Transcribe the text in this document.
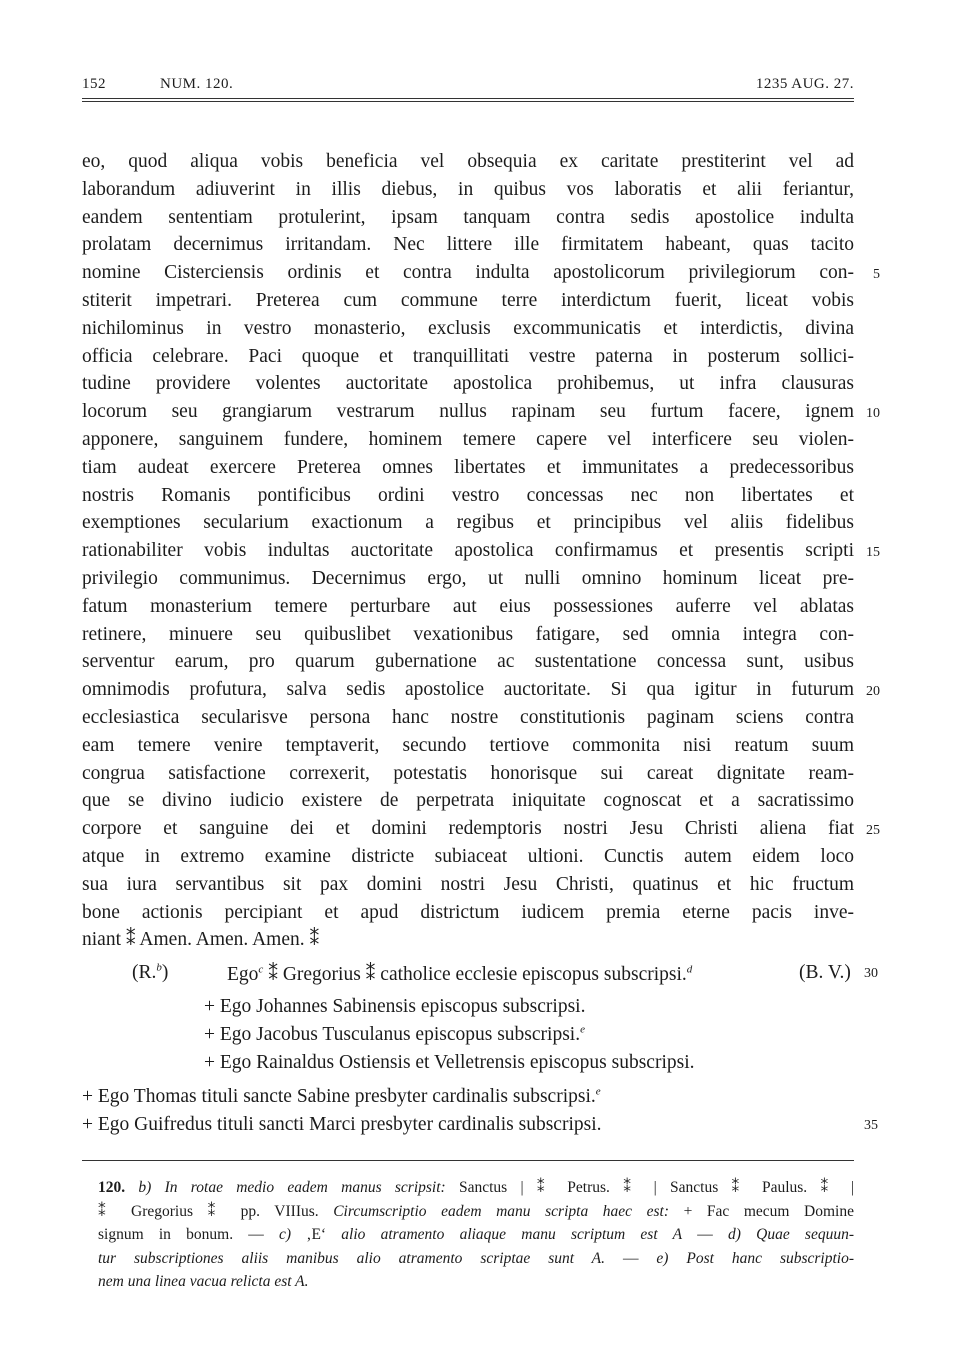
152	NUM. 120.	1235 AUG. 27.
eo, quod aliqua vobis beneficia vel obsequia ex caritate prestiterint vel ad
laborandum adiuverint in illis diebus, in quibus vos laboratis et alii feriantur,
eandem sententiam protulerint, ipsam tanquam contra sedis apostolice indulta
prolatam decernimus irritandam. Nec littere ille firmitatem habeant, quas tacito
nomine Cisterciensis ordinis et contra indulta apostolicorum privilegiorum con-	5
stiterit impetrari. Preterea cum commune terre interdictum fuerit, liceat vobis
nichilominus in vestro monasterio, exclusis excommunicatis et interdictis, divina
officia celebrare. Paci quoque et tranquillitati vestre paterna in posterum sollici-
tudine providere volentes auctoritate apostolica prohibemus, ut infra clausuras
locorum seu grangiarum vestrarum nullus rapinam seu furtum facere, ignem 10
apponere, sanguinem fundere, hominem temere capere vel interficere seu violen-
tiam audeat exercere Preterea omnes libertates et immunitates a predecessoribus
nostris Romanis pontificibus ordini vestro concessas nec non libertates et
exemptiones secularium exactionum a regibus et principibus vel aliis fidelibus
rationabiliter vobis indultas auctoritate apostolica confirmamus et presentis scripti 15
privilegio communimus. Decernimus ergo, ut nulli omnino hominum liceat pre-
fatum monasterium temere perturbare aut eius possessiones auferre vel ablatas
retinere, minuere seu quibuslibet vexationibus fatigare, sed omnia integra con-
serventur earum, pro quarum gubernatione ac sustentatione concessa sunt, usibus
omnimodis profutura, salva sedis apostolice auctoritate. Si qua igitur in futurum 20
ecclesiastica secularisve persona hanc nostre constitutionis paginam sciens contra
eam temere venire temptaverit, secundo tertiove commonita nisi reatum suum
congrua satisfactione correxerit, potestatis honorisque sui careat dignitate ream-
que se divino iudicio existere de perpetrata iniquitate cognoscat et a sacratissimo
corpore et sanguine dei et domini redemptoris nostri Jesu Christi aliena fiat 25
atque in extremo examine districte subiaceat ultioni. Cunctis autem eidem loco
sua iura servantibus sit pax domini nostri Jesu Christi, quatinus et hic fructum
bone actionis percipiant et apud districtum iudicem premia eterne pacis inve-
niant ⁑ Amen. Amen. Amen. ⁑
(R.$^b$)	Ego$^c$ ⁑ Gregorius ⁑ catholice ecclesie episcopus subscripsi.$^d$	(B. V.) 30
+ Ego Johannes Sabinensis episcopus subscripsi.
+ Ego Jacobus Tusculanus episcopus subscripsi.$^e$
+ Ego Rainaldus Ostiensis et Velletrensis episcopus subscripsi.
+ Ego Thomas tituli sancte Sabine presbyter cardinalis subscripsi.$^e$
+ Ego Guifredus tituli sancti Marci presbyter cardinalis subscripsi.	35
120. b) In rotae medio eadem manus scripsit: Sanctus | ⁑ Petrus. ⁑ | Sanctus ⁑ Paulus. ⁑ |
⁑ Gregorius ⁑ pp. VIIIus. Circumscriptio eadem manu scripta haec est: + Fac mecum Domine
signum in bonum. — c) ‚E‘ alio atramento aliaque manu scriptum est A — d) Quae sequun-
tur subscriptiones aliis manibus alio atramento scriptae sunt A. — e) Post hanc subscriptio-
nem una linea vacua relicta est A.
